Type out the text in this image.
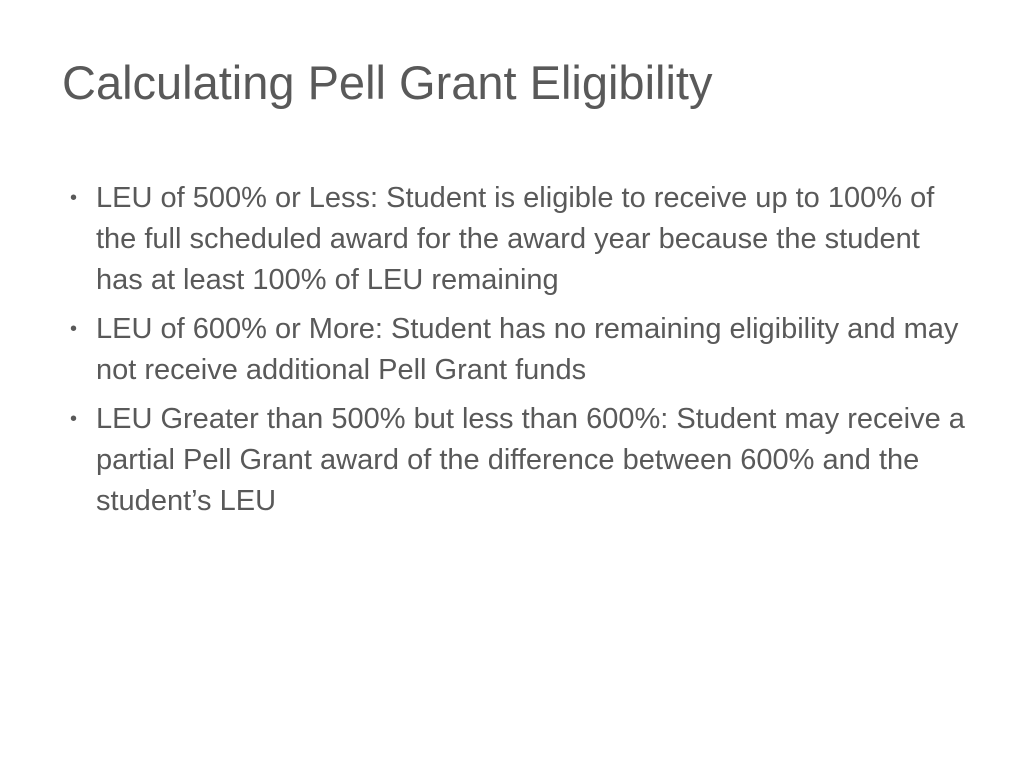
Calculating Pell Grant Eligibility
• LEU of 500% or Less: Student is eligible to receive up to 100% of the full scheduled award for the award year because the student has at least 100% of LEU remaining
• LEU of 600% or More: Student has no remaining eligibility and may not receive additional Pell Grant funds
• LEU Greater than 500% but less than 600%: Student may receive a partial Pell Grant award of the difference between 600% and the student’s LEU
